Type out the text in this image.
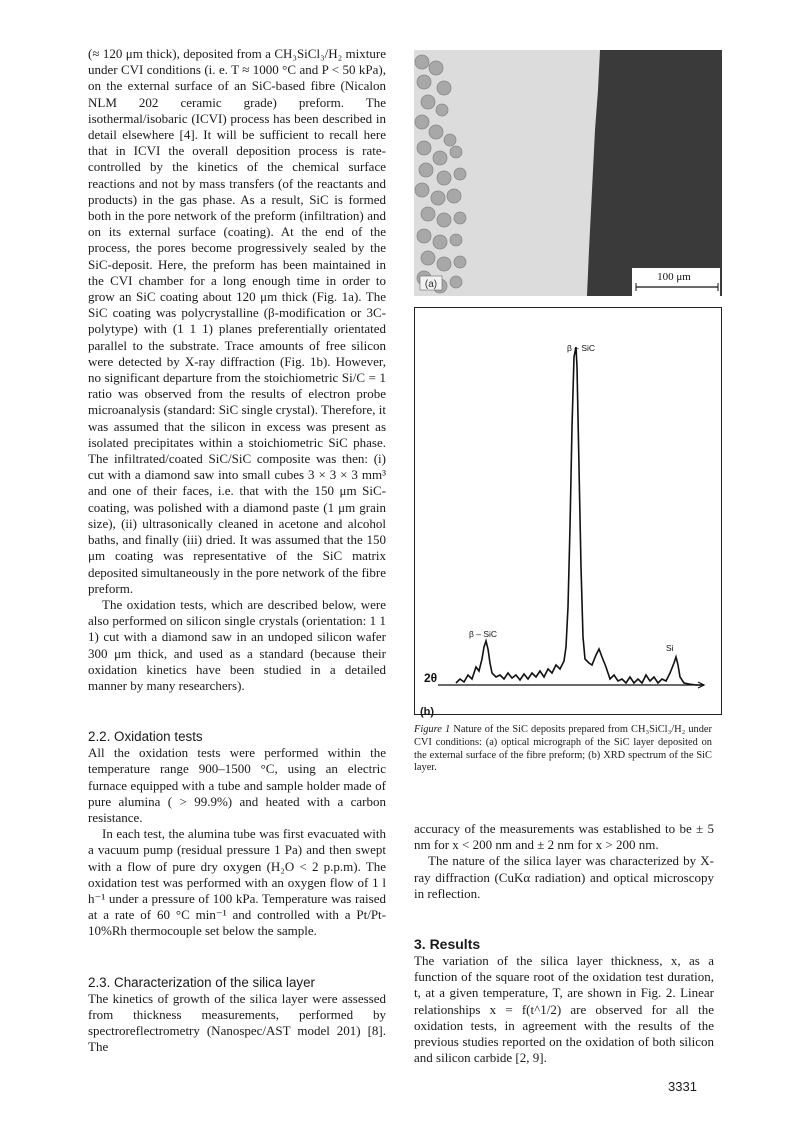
(≈ 120 μm thick), deposited from a CH₃SiCl₃/H₂ mixture under CVI conditions (i. e. T ≈ 1000 °C and P < 50 kPa), on the external surface of an SiC-based fibre (Nicalon NLM 202 ceramic grade) preform. The isothermal/isobaric (ICVI) process has been described in detail elsewhere [4]. It will be sufficient to recall here that in ICVI the overall deposition process is rate-controlled by the kinetics of the chemical surface reactions and not by mass transfers (of the reactants and products) in the gas phase. As a result, SiC is formed both in the pore network of the preform (infiltration) and on its external surface (coating). At the end of the process, the pores become progressively sealed by the SiC-deposit. Here, the preform has been maintained in the CVI chamber for a long enough time in order to grow an SiC coating about 120 μm thick (Fig. 1a). The SiC coating was polycrystalline (β-modification or 3C-polytype) with (1 1 1) planes preferentially orientated parallel to the substrate. Trace amounts of free silicon were detected by X-ray diffraction (Fig. 1b). However, no significant departure from the stoichiometric Si/C = 1 ratio was observed from the results of electron probe microanalysis (standard: SiC single crystal). Therefore, it was assumed that the silicon in excess was present as isolated precipitates within a stoichiometric SiC phase. The infiltrated/coated SiC/SiC composite was then: (i) cut with a diamond saw into small cubes 3 × 3 × 3 mm³ and one of their faces, i.e. that with the 150 μm SiC-coating, was polished with a diamond paste (1 μm grain size), (ii) ultrasonically cleaned in acetone and alcohol baths, and finally (iii) dried. It was assumed that the 150 μm coating was representative of the SiC matrix deposited simultaneously in the pore network of the fibre preform.

The oxidation tests, which are described below, were also performed on silicon single crystals (orientation: 1 1 1) cut with a diamond saw in an undoped silicon wafer 300 μm thick, and used as a standard (because their oxidation kinetics have been studied in a detailed manner by many researchers).

2.2. Oxidation tests

All the oxidation tests were performed within the temperature range 900–1500 °C, using an electric furnace equipped with a tube and sample holder made of pure alumina ( > 99.9%) and heated with a carbon resistance.

In each test, the alumina tube was first evacuated with a vacuum pump (residual pressure 1 Pa) and then swept with a flow of pure dry oxygen (H₂O < 2 p.p.m). The oxidation test was performed with an oxygen flow of 1 l h⁻¹ under a pressure of 100 kPa. Temperature was raised at a rate of 60 °C min⁻¹ and controlled with a Pt/Pt-10%Rh thermocouple set below the sample.

2.3. Characterization of the silica layer

The kinetics of growth of the silica layer were assessed from thickness measurements, performed by spectroreflectrometry (Nanospec/AST model 201) [8]. The

(a)
100 μm
2θ
β – SiC
β – SiC
Si
(b)
Figure 1 Nature of the SiC deposits prepared from CH₃SiCl₃/H₂ under CVI conditions: (a) optical micrograph of the SiC layer deposited on the external surface of the fibre preform; (b) XRD spectrum of the SiC layer.

accuracy of the measurements was established to be ± 5 nm for x < 200 nm and ± 2 nm for x > 200 nm.

The nature of the silica layer was characterized by X-ray diffraction (CuKα radiation) and optical microscopy in reflection.

3. Results

The variation of the silica layer thickness, x, as a function of the square root of the oxidation test duration, t, at a given temperature, T, are shown in Fig. 2. Linear relationships x = f(t^1/2) are observed for all the oxidation tests, in agreement with the results of the previous studies reported on the oxidation of both silicon and silicon carbide [2, 9].

3331
